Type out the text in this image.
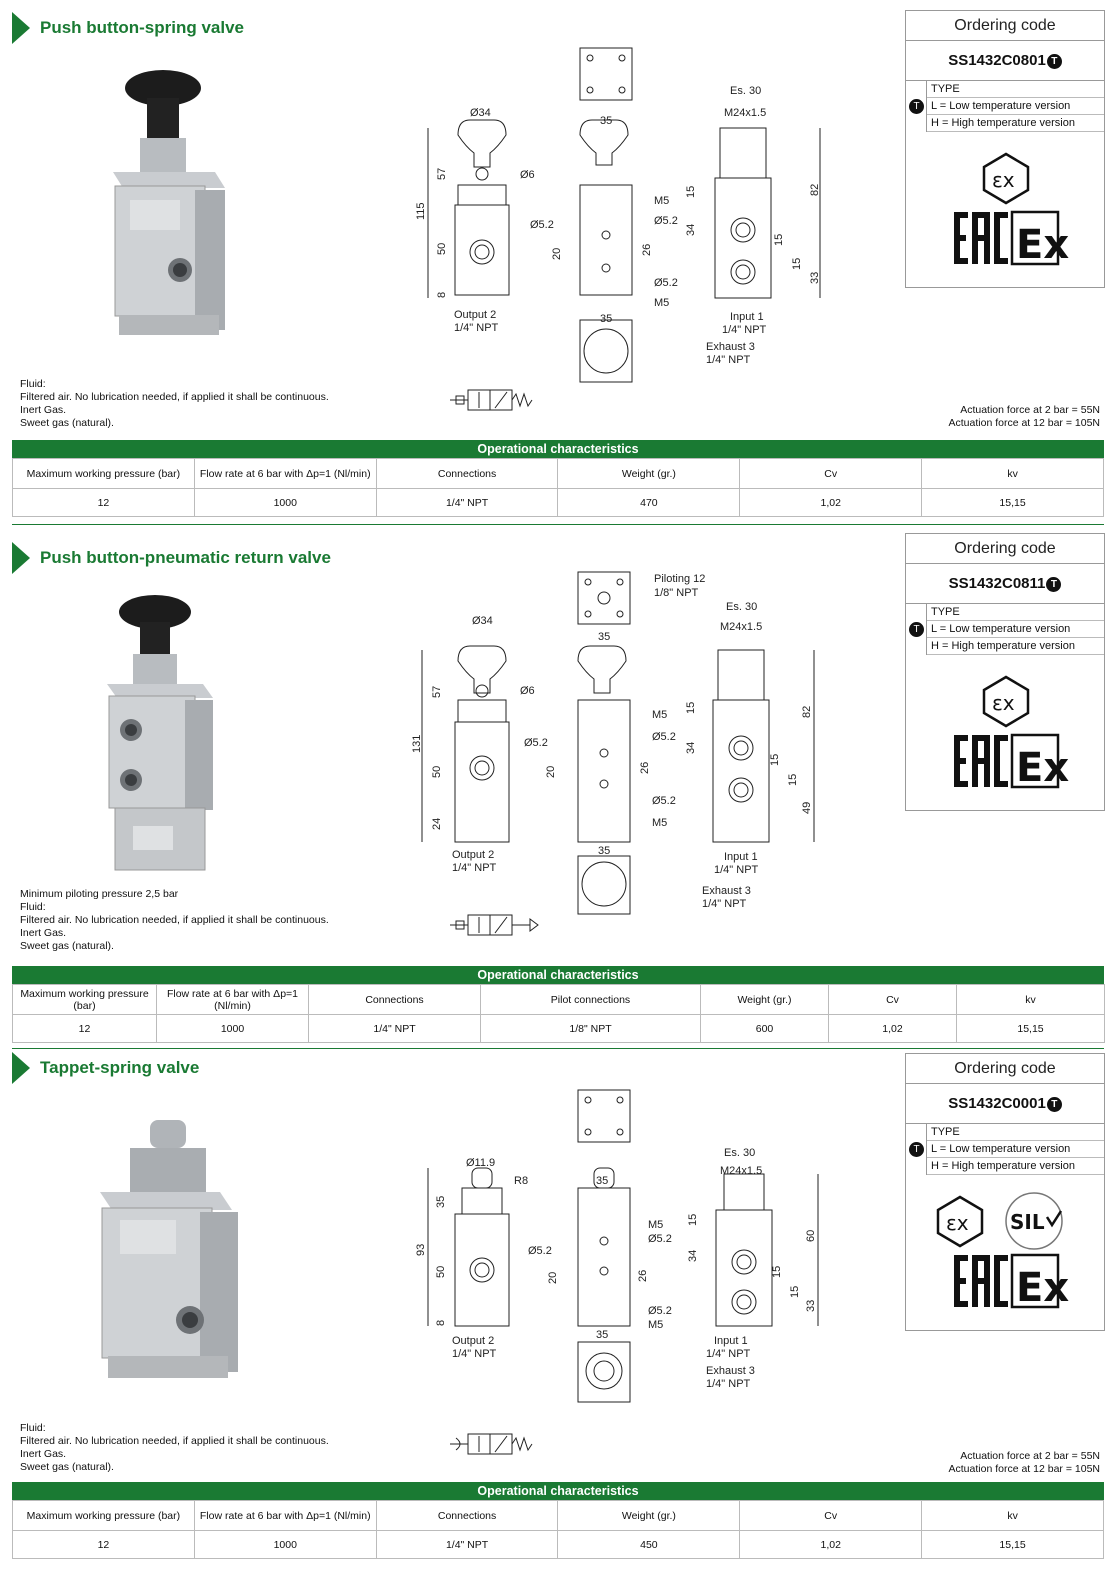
Push button-spring valve
Ø34
Ø6
57
115
50
8
35
M5
Ø5.2	Ø5.2
Ø5.2
M5
20	26
35
Output 2
1/4" NPT
Es. 30
M24x1.5
15
34
82
15
15
33
Input 1
1/4" NPT
Exhaust 3
1/4" NPT
Ordering code
SS1432C0801 T
T
TYPE
L = Low temperature version
H = High temperature version
εx
Ex
Fluid:
Filtered air. No lubrication needed, if applied it shall be continuous.
Inert Gas.
Sweet gas (natural).
Actuation force at 2 bar = 55N
Actuation force at 12 bar = 105N
Operational characteristics
Maximum working pressure (bar)	Flow rate at 6 bar with Δp=1 (Nl/min)	Connections	Weight (gr.)	Cv	kv
12	1000	1/4" NPT	470	1,02	15,15
Push button-pneumatic return valve
Piloting 12
1/8" NPT
Ø34
Ø6
57
131
50
24
35
M5
Ø5.2	Ø5.2
Ø5.2
M5
20	26
35
Output 2
1/4" NPT
Es. 30
M24x1.5
15
34
82
15
15
49
Input 1
1/4" NPT
Exhaust 3
1/4" NPT
Ordering code
SS1432C0811 T
T
TYPE
L = Low temperature version
H = High temperature version
εx
Ex
Minimum piloting pressure 2,5 bar
Fluid:
Filtered air. No lubrication needed, if applied it shall be continuous.
Inert Gas.
Sweet gas (natural).
Operational characteristics
Maximum working pressure (bar)	Flow rate at 6 bar with Δp=1 (Nl/min)	Connections	Pilot connections	Weight (gr.)	Cv	kv
12	1000	1/4" NPT	1/8" NPT	600	1,02	15,15
Tappet-spring valve
Ø11.9
R8
35
93
50
8
35
M5
Ø5.2
Ø5.2
Ø5.2
M5
20	26
35
Output 2
1/4" NPT
Es. 30
M24x1.5
15
34
60
15
15
33
Input 1
1/4" NPT
Exhaust 3
1/4" NPT
Ordering code
SS1432C0001 T
T
TYPE
L = Low temperature version
H = High temperature version
εx SIL
Ex
Fluid:
Filtered air. No lubrication needed, if applied it shall be continuous.
Inert Gas.
Sweet gas (natural).
Actuation force at 2 bar = 55N
Actuation force at 12 bar = 105N
Operational characteristics
Maximum working pressure (bar)	Flow rate at 6 bar with Δp=1 (Nl/min)	Connections	Weight (gr.)	Cv	kv
12	1000	1/4" NPT	450	1,02	15,15
